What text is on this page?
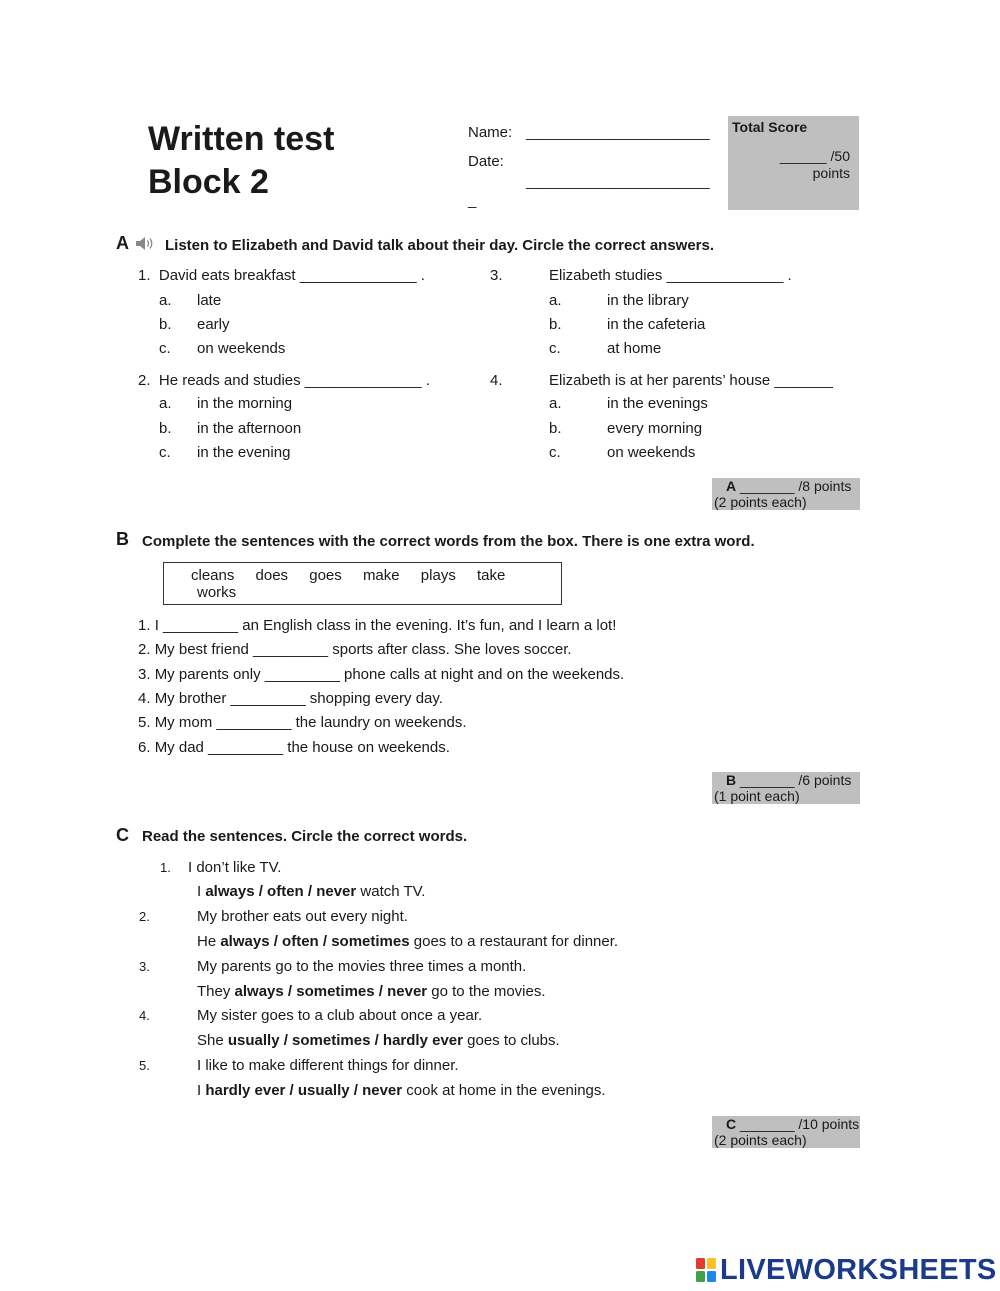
Written test
Block 2
Name: ______________________
Date:
______________________
_
Total Score
______ /50
points
A Listen to Elizabeth and David talk about their day. Circle the correct answers.
1. David eats breakfast ______________ .
a. late
b. early
c. on weekends
2. He reads and studies ______________ .
a. in the morning
b. in the afternoon
c. in the evening
3.	Elizabeth studies ______________ .
a.	in the library
b.	in the cafeteria
c.	at home
4.	Elizabeth is at her parents’ house _______
a.	in the evenings
b.	every morning
c.	on weekends
A _______ /8 points
(2 points each)
B Complete the sentences with the correct words from the box. There is one extra word.
cleans does goes make plays take
works
1. I _________ an English class in the evening. It’s fun, and I learn a lot!
2. My best friend _________ sports after class. She loves soccer.
3. My parents only _________ phone calls at night and on the weekends.
4. My brother _________ shopping every day.
5. My mom _________ the laundry on weekends.
6. My dad _________ the house on weekends.
B _______ /6 points
(1 point each)
C Read the sentences. Circle the correct words.
1. I don’t like TV.
I always / often / never watch TV.
2.	My brother eats out every night.
He always / often / sometimes goes to a restaurant for dinner.
3.	My parents go to the movies three times a month.
They always / sometimes / never go to the movies.
4.	My sister goes to a club about once a year.
She usually / sometimes / hardly ever goes to clubs.
5.	I like to make different things for dinner.
I hardly ever / usually / never cook at home in the evenings.
C _______ /10 points
(2 points each)
LIVEWORKSHEETS
